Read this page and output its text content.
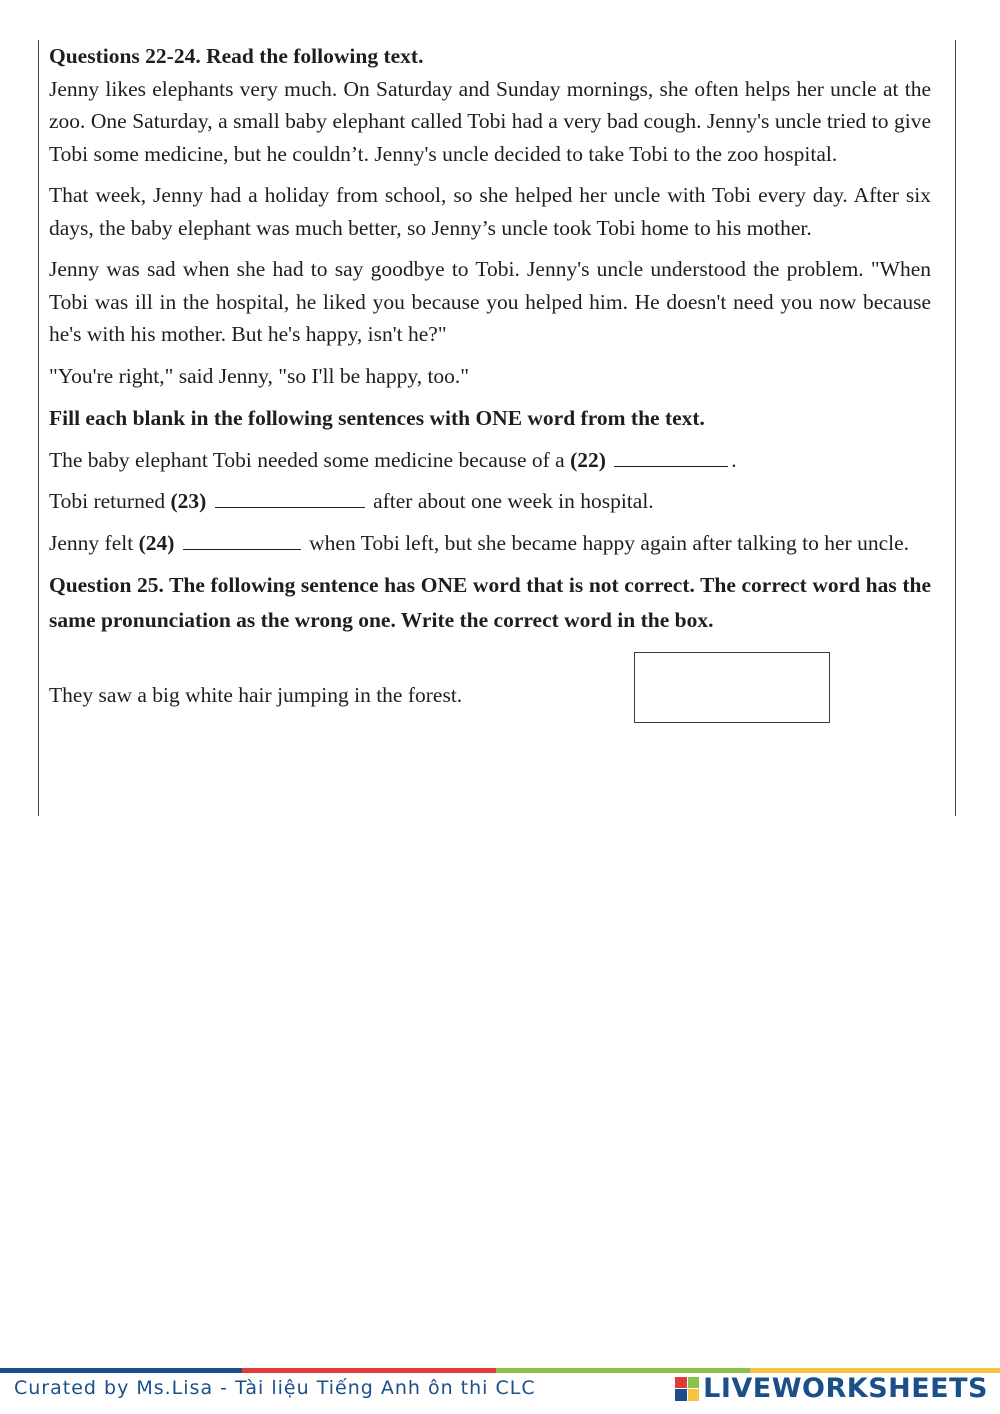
Questions 22-24. Read the following text.

Jenny likes elephants very much. On Saturday and Sunday mornings, she often helps her uncle at the zoo. One Saturday, a small baby elephant called Tobi had a very bad cough. Jenny's uncle tried to give Tobi some medicine, but he couldn’t. Jenny's uncle decided to take Tobi to the zoo hospital.

That week, Jenny had a holiday from school, so she helped her uncle with Tobi every day. After six days, the baby elephant was much better, so Jenny’s uncle took Tobi home to his mother.

Jenny was sad when she had to say goodbye to Tobi. Jenny's uncle understood the problem. "When Tobi was ill in the hospital, he liked you because you helped him. He doesn't need you now because he's with his mother. But he's happy, isn't he?"

"You're right," said Jenny, "so I'll be happy, too."

Fill each blank in the following sentences with ONE word from the text.

The baby elephant Tobi needed some medicine because of a (22)	.

Tobi returned (23)	after about one week in hospital.

Jenny felt (24)	when Tobi left, but she became happy again after talking to her uncle.

Question 25. The following sentence has ONE word that is not correct. The correct word has the same pronunciation as the wrong one. Write the correct word in the box.

They saw a big white hair jumping in the forest.
Curated by Ms.Lisa - Tài liệu Tiếng Anh ôn thi CLC	LIVEWORKSHEETS
